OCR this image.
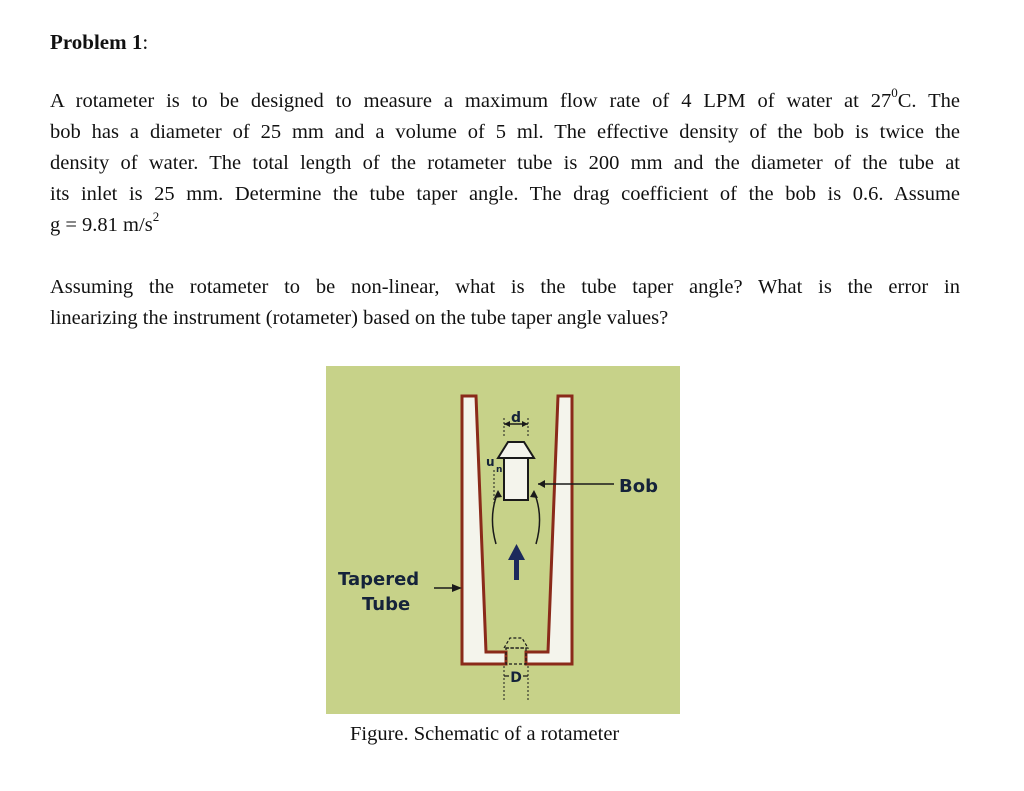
Problem 1:
A rotameter is to be designed to measure a maximum flow rate of 4 LPM of water at $27^0C$. The
bob has a diameter of 25 mm and a volume of 5 ml. The effective density of the bob is twice the
density of water. The total length of the rotameter tube is 200 mm and the diameter of the tube at
its inlet is 25 mm. Determine the tube taper angle. The drag coefficient of the bob is 0.6. Assume
g = 9.81 $m/s^2$
Assuming the rotameter to be non-linear, what is the tube taper angle? What is the error in
linearizing the instrument (rotameter) based on the tube taper angle values?
d
u
n
Bob
Tapered
Tube
D
Figure. Schematic of a rotameter
